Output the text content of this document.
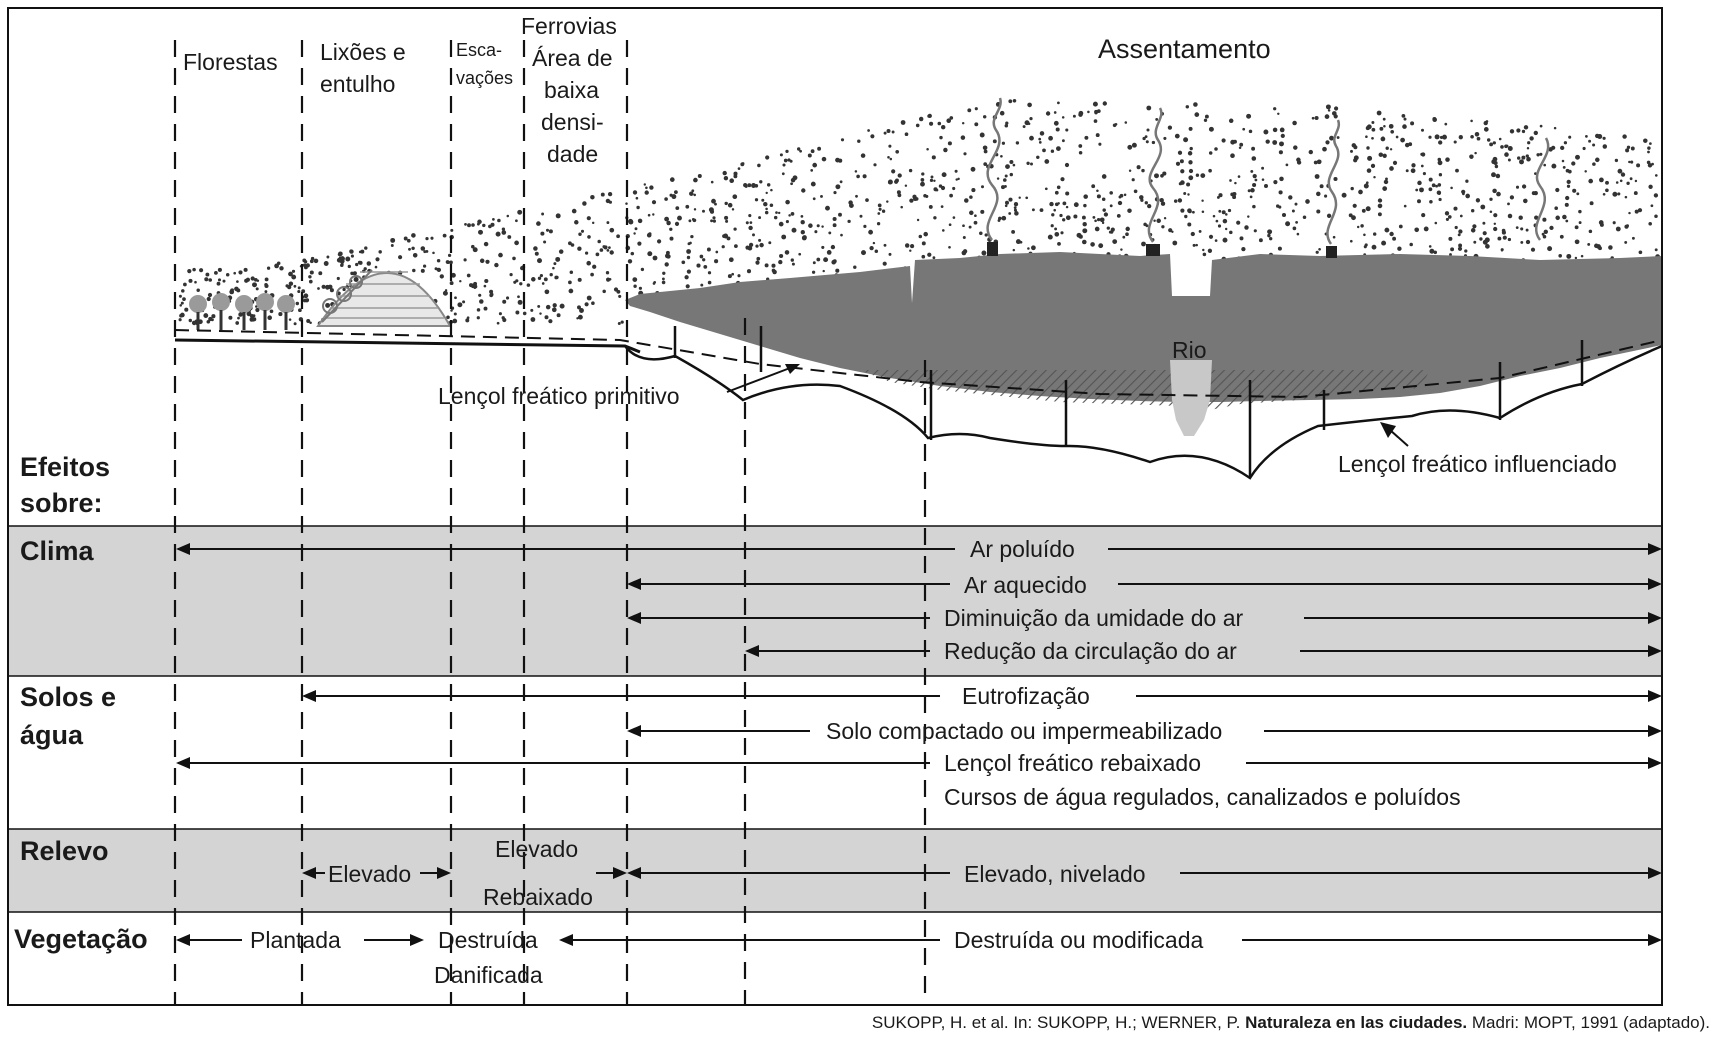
Florestas Lixões e
entulho
Esca-
vações
Ferrovias
Área de
baixa
densi-
dade
Assentamento
Rio
Lençol freático primitivo
Lençol freático influenciado
Efeitos
sobre:
Clima
Solos e
água
Relevo
Vegetação
Ar poluído
Ar aquecido
Diminuição da umidade do ar
Redução da circulação do ar
Eutrofização
Solo compactado ou impermeabilizado
Lençol freático rebaixado
Cursos de água regulados, canalizados e poluídos
Elevado
Elevado
Rebaixado
Elevado, nivelado
Plantada	Destruída
Danificada
Destruída ou modificada
SUKOPP, H. et al. In: SUKOPP, H.; WERNER, P. Naturaleza en las ciudades. Madri: MOPT, 1991 (adaptado).
